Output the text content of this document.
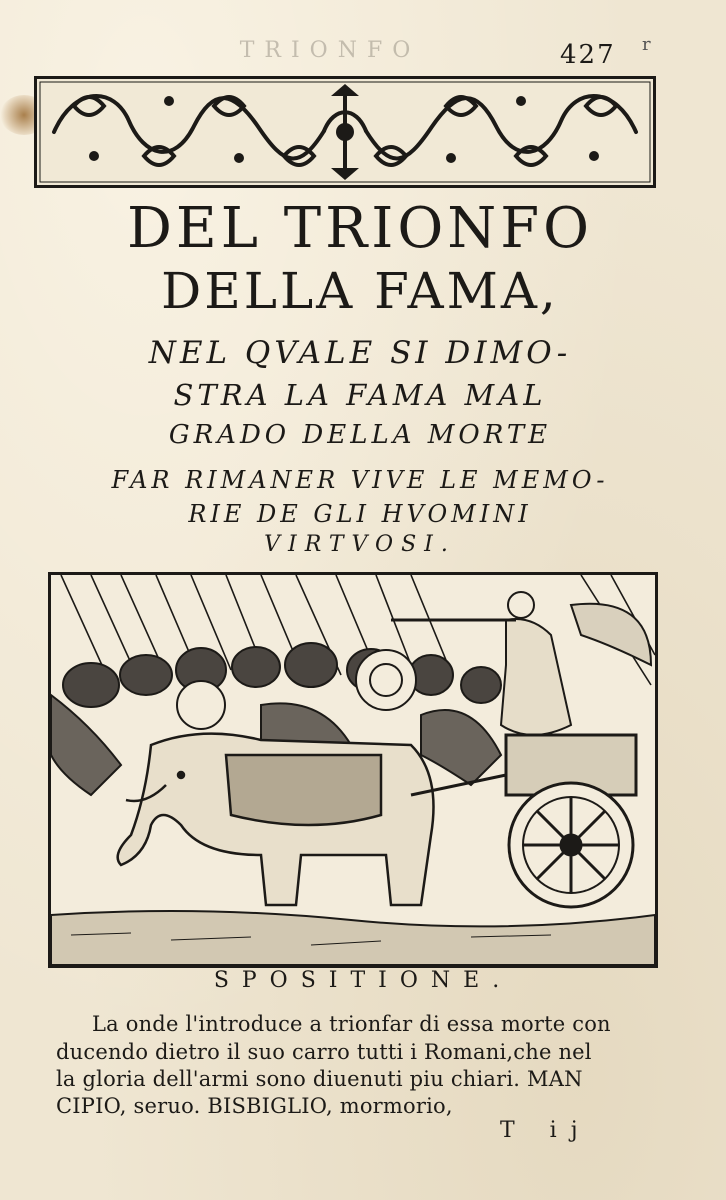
TRIONFO	427 r
DEL TRIONFO
DELLA FAMA,
NEL QVALE SI DIMO-
STRA LA FAMA MAL
GRADO DELLA MORTE
FAR RIMANER VIVE LE MEMO-
RIE DE GLI HVOMINI
VIRTVOSI.
SPOSITIONE.
La onde l'introduce a trionfar di essa morte con
ducendo dietro il suo carro tutti i Romani,che nel
la gloria dell'armi sono diuenuti piu chiari. MAN
CIPIO, seruo. BISBIGLIO, mormorio,
T ij
